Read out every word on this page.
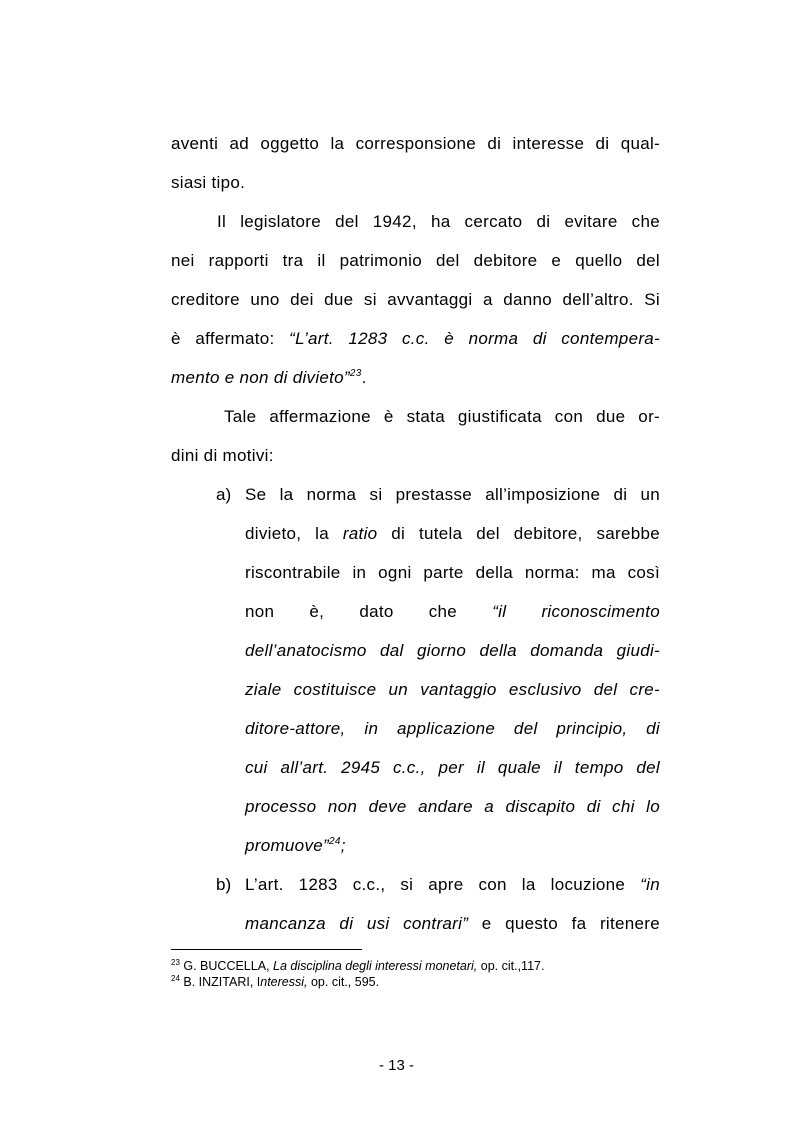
aventi ad oggetto la corresponsione di interesse di qual-
siasi tipo.
Il legislatore del 1942, ha cercato di evitare che
nei rapporti tra il patrimonio del debitore e quello del
creditore uno dei due si avvantaggi a danno dell’altro. Si
è affermato: “L’art. 1283 c.c. è norma di contempera-
mento e non di divieto”$^{23}$.
Tale affermazione è stata giustificata con due or-
dini di motivi:
a) Se la norma si prestasse all’imposizione di un
divieto, la ratio di tutela del debitore, sarebbe
riscontrabile in ogni parte della norma: ma così
non è, dato che “il riconoscimento
dell’anatocismo dal giorno della domanda giudi-
ziale costituisce un vantaggio esclusivo del cre-
ditore-attore, in applicazione del principio, di
cui all’art. 2945 c.c., per il quale il tempo del
processo non deve andare a discapito di chi lo
promuove”$^{24}$;
b) L’art. 1283 c.c., si apre con la locuzione “in
mancanza di usi contrari” e questo fa ritenere
$^{23}$ G. BUCCELLA, La disciplina degli interessi monetari, op. cit.,117.
$^{24}$ B. INZITARI, Interessi, op. cit., 595.
- 13 -
